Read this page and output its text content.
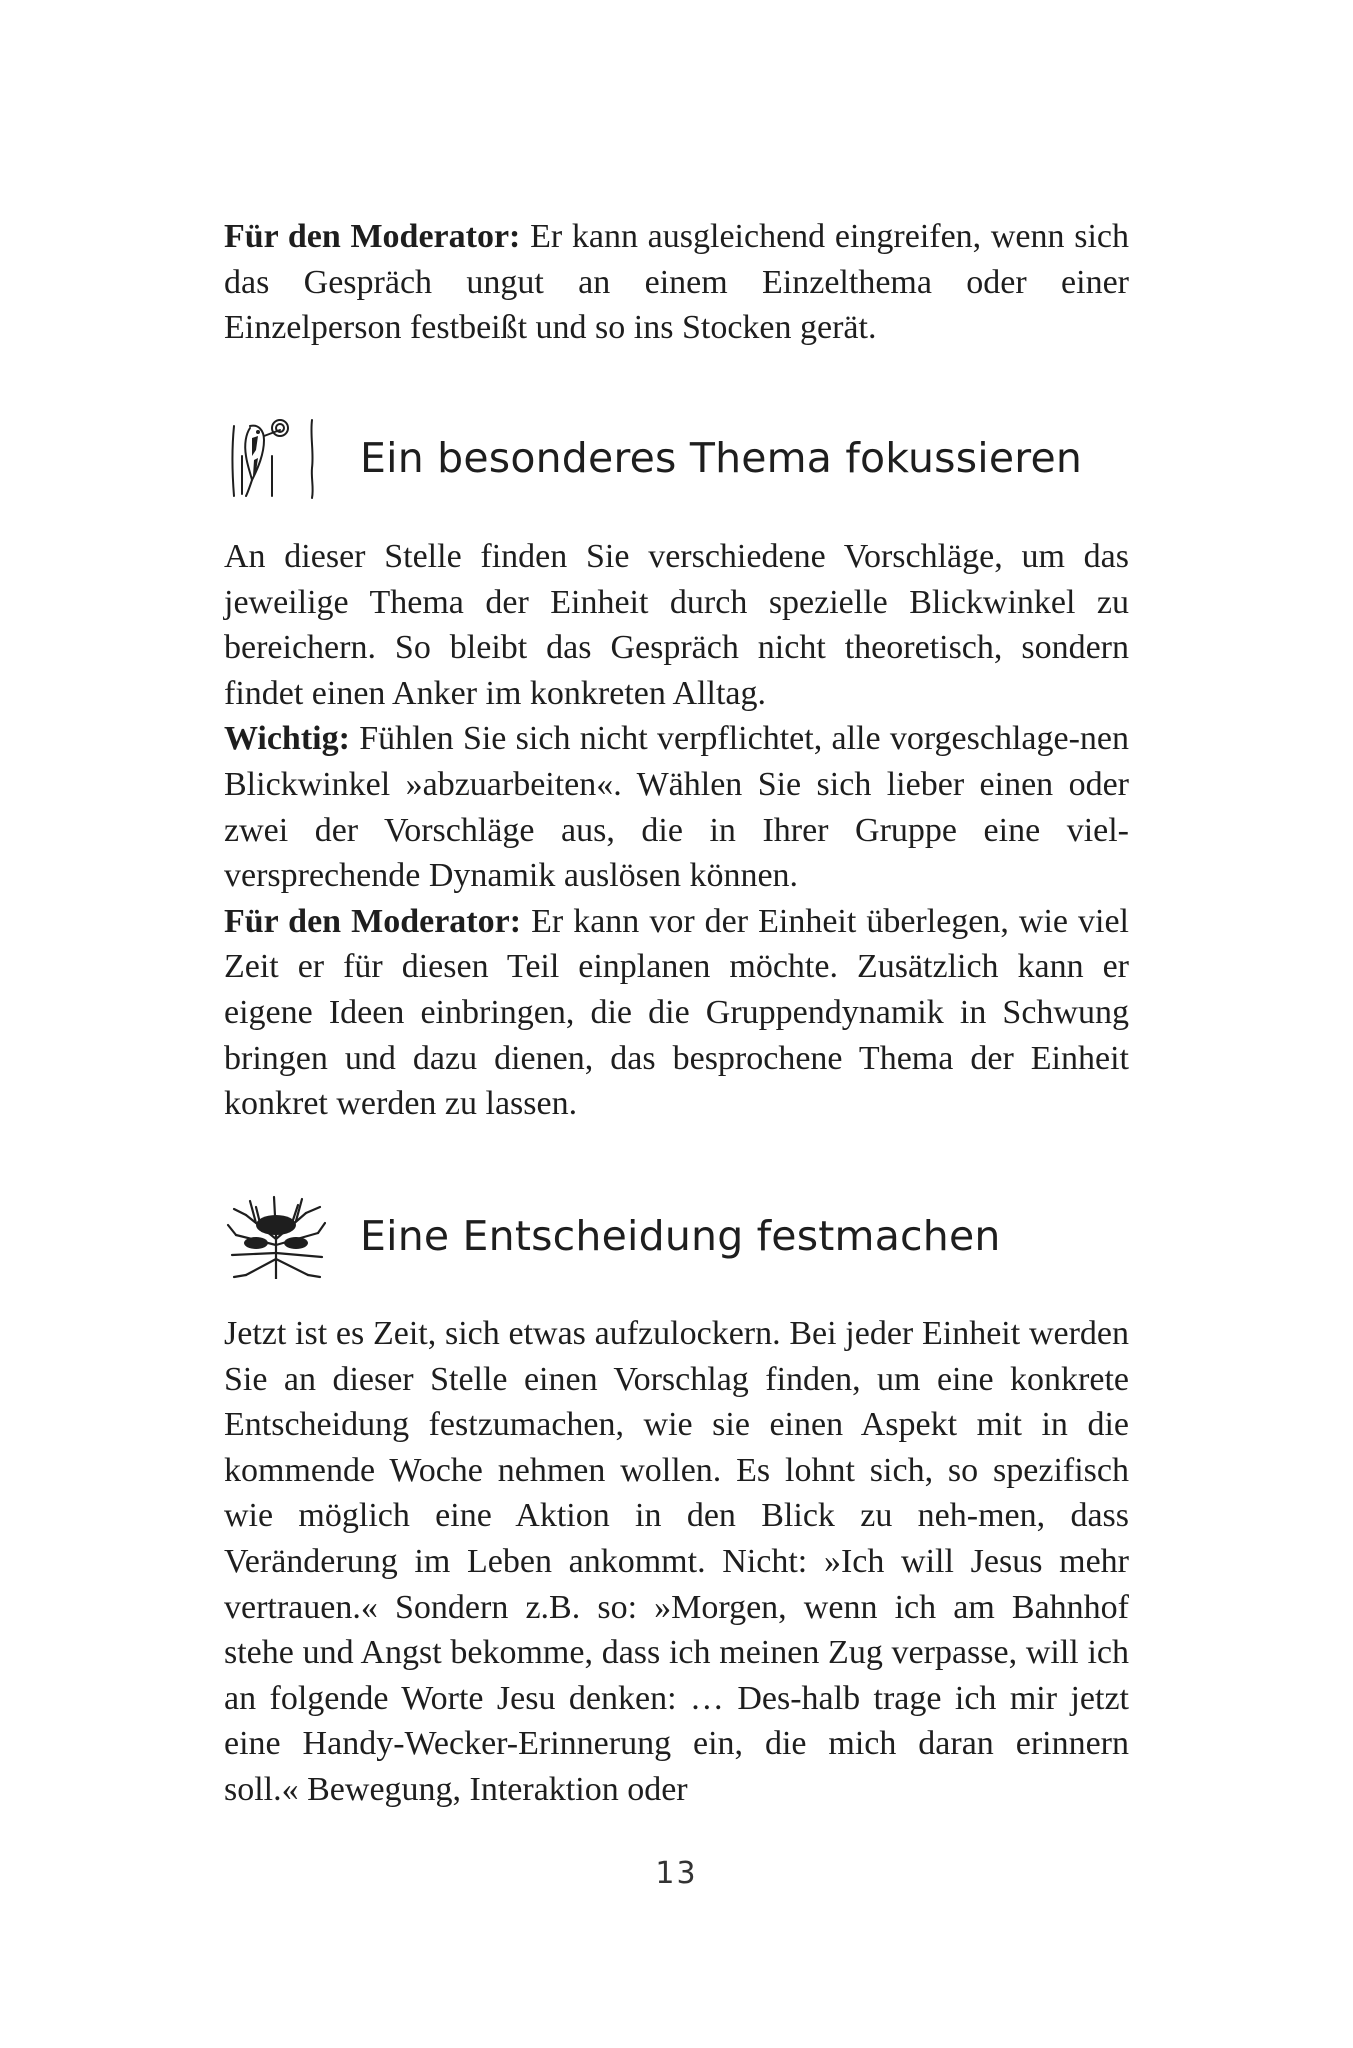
Für den Moderator: Er kann ausgleichend eingreifen, wenn sich das Gespräch ungut an einem Einzelthema oder einer Einzelperson festbeißt und so ins Stocken gerät.

Ein besonderes Thema fokussieren

An dieser Stelle finden Sie verschiedene Vorschläge, um das jeweilige Thema der Einheit durch spezielle Blickwinkel zu bereichern. So bleibt das Gespräch nicht theoretisch, sondern findet einen Anker im konkreten Alltag.

Wichtig: Fühlen Sie sich nicht verpflichtet, alle vorgeschlage-nen Blickwinkel »abzuarbeiten«. Wählen Sie sich lieber einen oder zwei der Vorschläge aus, die in Ihrer Gruppe eine viel-versprechende Dynamik auslösen können.

Für den Moderator: Er kann vor der Einheit überlegen, wie viel Zeit er für diesen Teil einplanen möchte. Zusätzlich kann er eigene Ideen einbringen, die die Gruppendynamik in Schwung bringen und dazu dienen, das besprochene Thema der Einheit konkret werden zu lassen.

Eine Entscheidung festmachen

Jetzt ist es Zeit, sich etwas aufzulockern. Bei jeder Einheit werden Sie an dieser Stelle einen Vorschlag finden, um eine konkrete Entscheidung festzumachen, wie sie einen Aspekt mit in die kommende Woche nehmen wollen. Es lohnt sich, so spezifisch wie möglich eine Aktion in den Blick zu neh-men, dass Veränderung im Leben ankommt. Nicht: »Ich will Jesus mehr vertrauen.« Sondern z.B. so: »Morgen, wenn ich am Bahnhof stehe und Angst bekomme, dass ich meinen Zug verpasse, will ich an folgende Worte Jesu denken: … Des-halb trage ich mir jetzt eine Handy-Wecker-Erinnerung ein, die mich daran erinnern soll.« Bewegung, Interaktion oder

13
